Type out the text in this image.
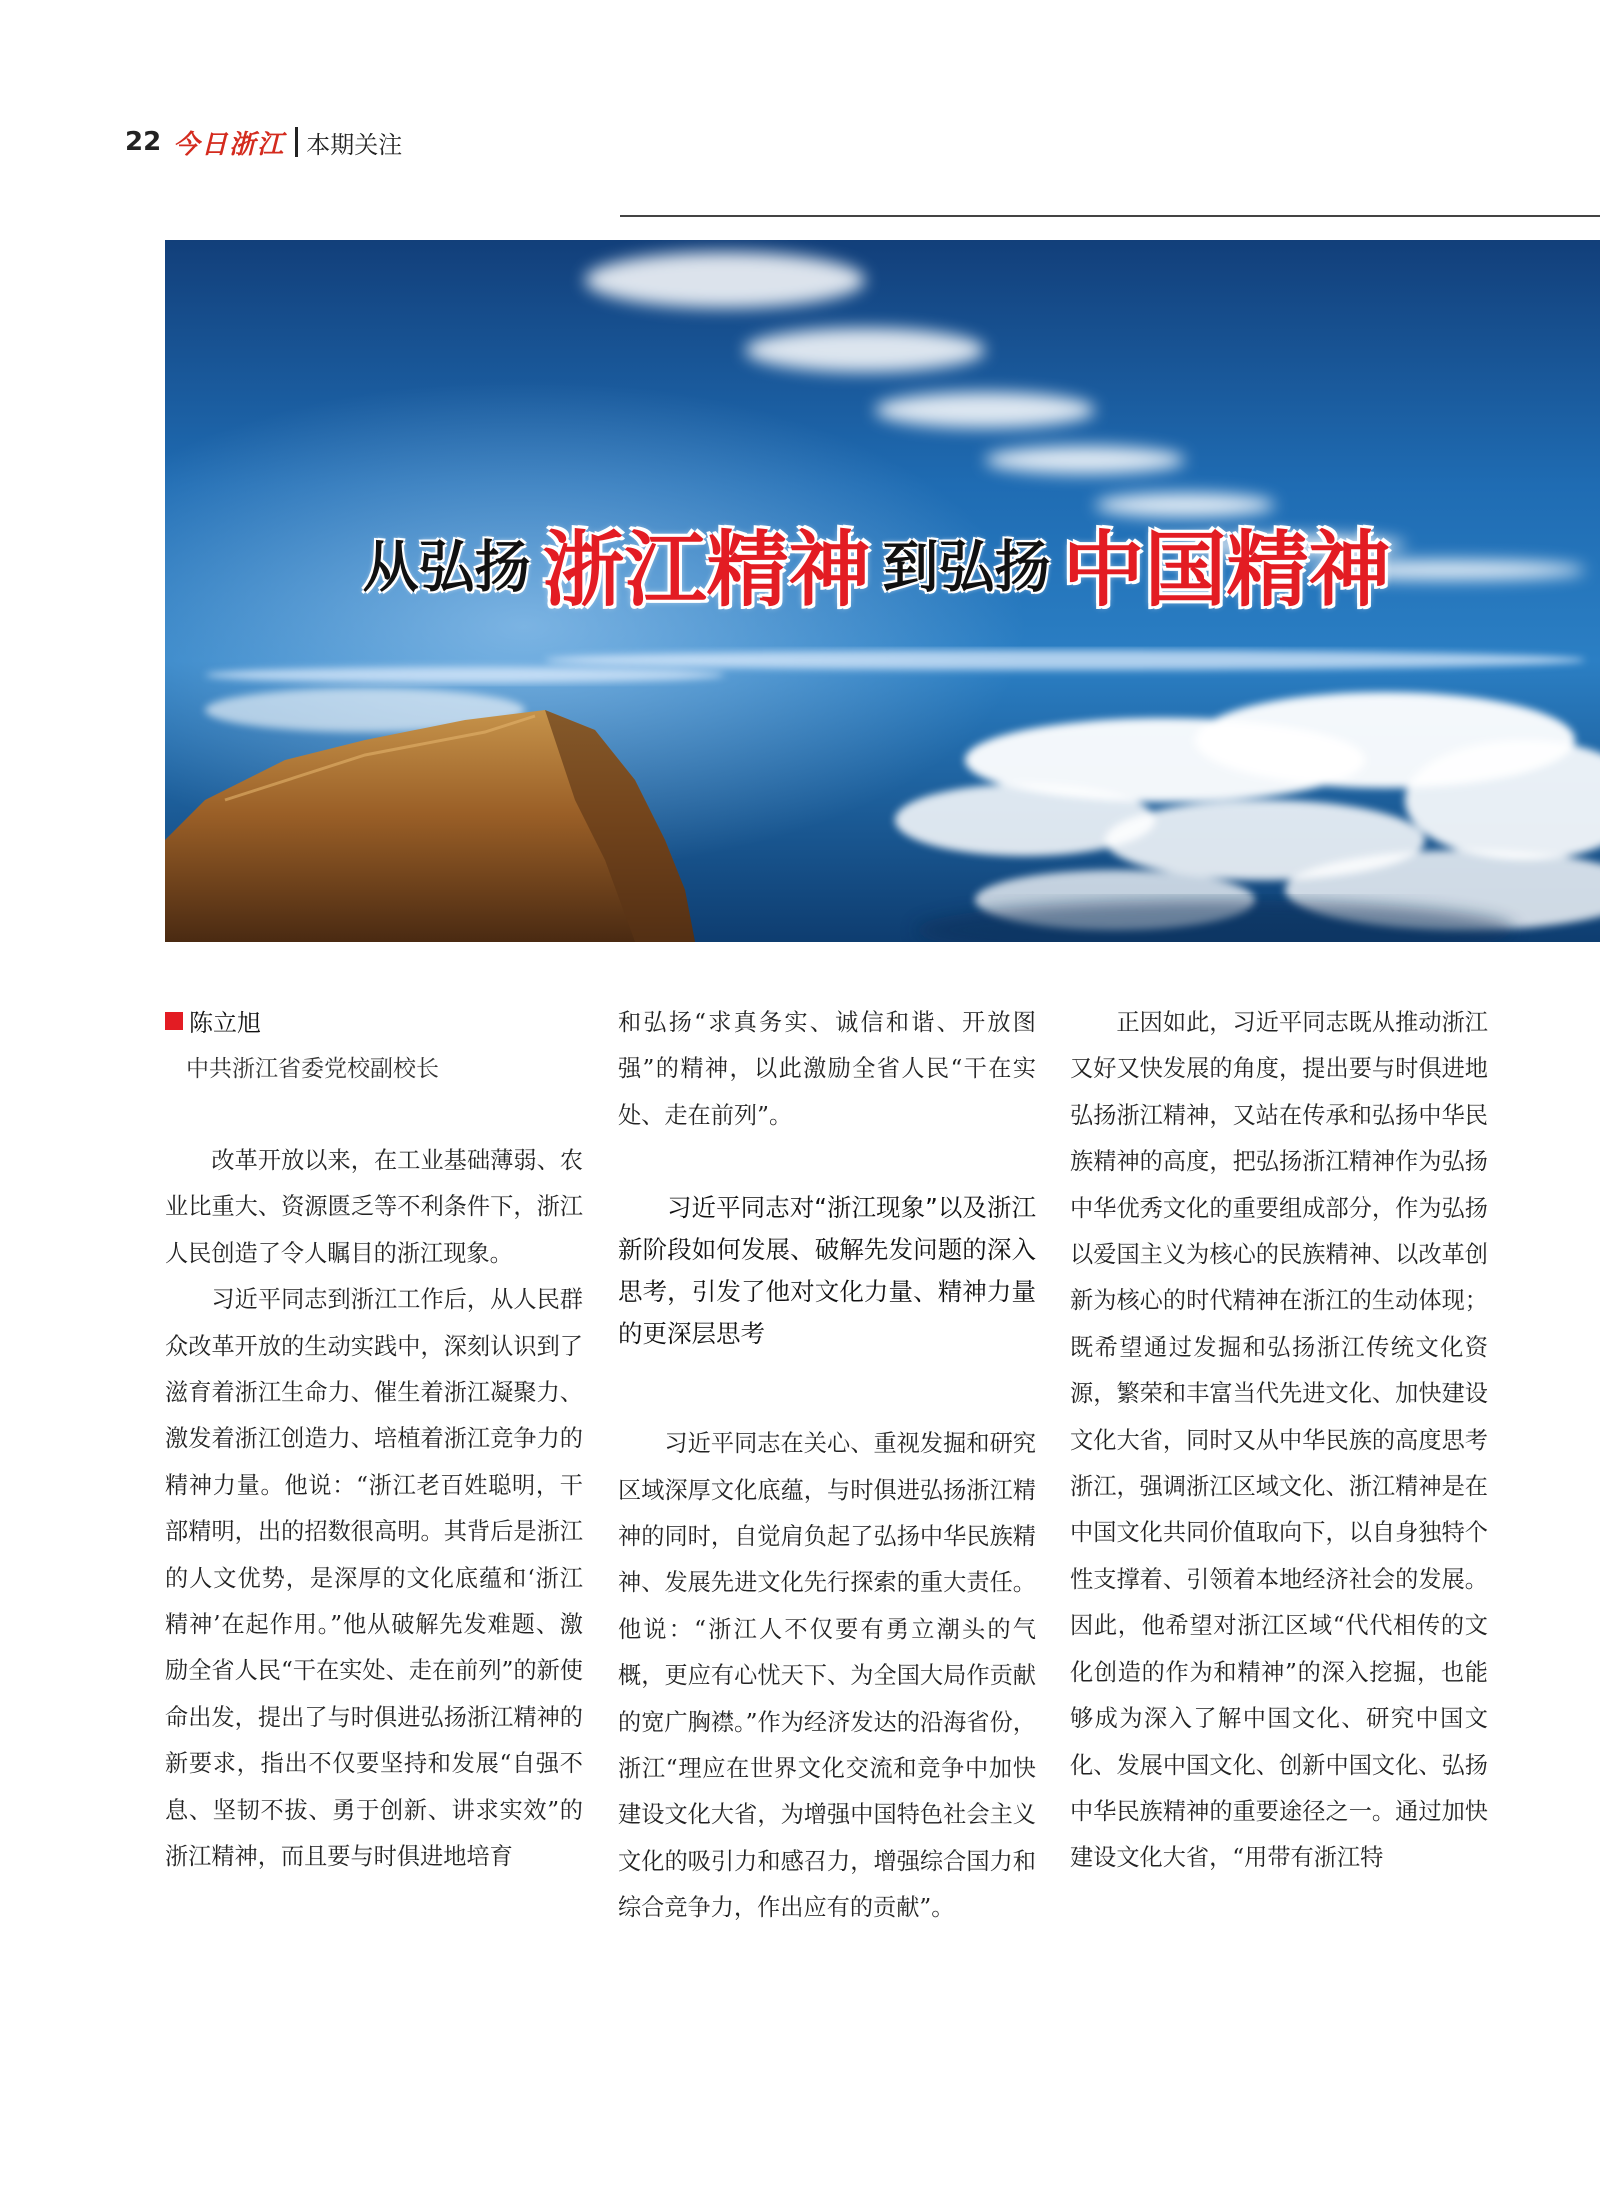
22 今日浙江 本期关注
从弘扬 浙江精神 到弘扬 中国精神
陈立旭
中共浙江省委党校副校长

改革开放以来，在工业基础薄弱、农业比重大、资源匮乏等不利条件下，浙江人民创造了令人瞩目的浙江现象。

习近平同志到浙江工作后，从人民群众改革开放的生动实践中，深刻认识到了滋育着浙江生命力、催生着浙江凝聚力、激发着浙江创造力、培植着浙江竞争力的精神力量。他说：“浙江老百姓聪明，干部精明，出的招数很高明。其背后是浙江的人文优势，是深厚的文化底蕴和‘浙江精神’在起作用。”他从破解先发难题、激励全省人民“干在实处、走在前列”的新使命出发，提出了与时俱进弘扬浙江精神的新要求，指出不仅要坚持和发展“自强不息、坚韧不拔、勇于创新、讲求实效”的浙江精神，而且要与时俱进地培育

和弘扬“求真务实、诚信和谐、开放图强”的精神，以此激励全省人民“干在实处、走在前列”。

习近平同志对“浙江现象”以及浙江新阶段如何发展、破解先发问题的深入思考，引发了他对文化力量、精神力量的更深层思考

习近平同志在关心、重视发掘和研究区域深厚文化底蕴，与时俱进弘扬浙江精神的同时，自觉肩负起了弘扬中华民族精神、发展先进文化先行探索的重大责任。他说：“浙江人不仅要有勇立潮头的气概，更应有心忧天下、为全国大局作贡献的宽广胸襟。”作为经济发达的沿海省份，浙江“理应在世界文化交流和竞争中加快建设文化大省，为增强中国特色社会主义文化的吸引力和感召力，增强综合国力和综合竞争力，作出应有的贡献”。

正因如此，习近平同志既从推动浙江又好又快发展的角度，提出要与时俱进地弘扬浙江精神，又站在传承和弘扬中华民族精神的高度，把弘扬浙江精神作为弘扬中华优秀文化的重要组成部分，作为弘扬以爱国主义为核心的民族精神、以改革创新为核心的时代精神在浙江的生动体现；既希望通过发掘和弘扬浙江传统文化资源，繁荣和丰富当代先进文化、加快建设文化大省，同时又从中华民族的高度思考浙江，强调浙江区域文化、浙江精神是在中国文化共同价值取向下，以自身独特个性支撑着、引领着本地经济社会的发展。因此，他希望对浙江区域“代代相传的文化创造的作为和精神”的深入挖掘，也能够成为深入了解中国文化、研究中国文化、发展中国文化、创新中国文化、弘扬中华民族精神的重要途径之一。通过加快建设文化大省，“用带有浙江特
